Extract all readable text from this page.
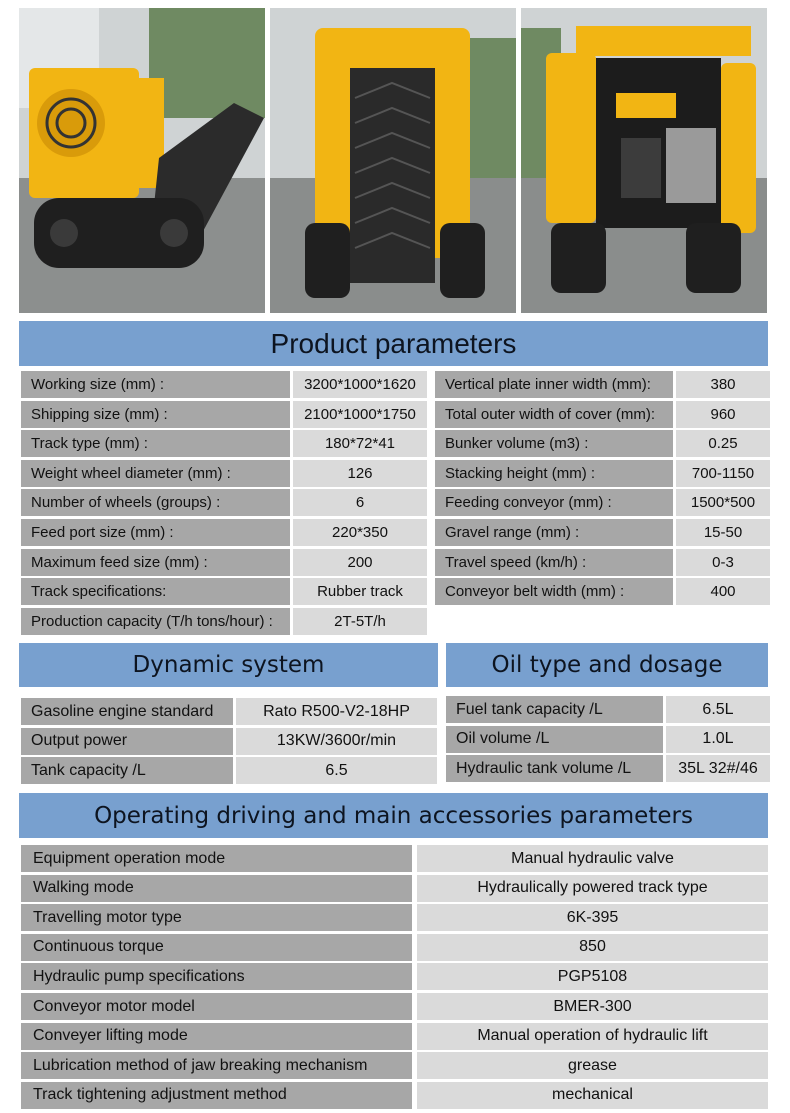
Product parameters
Working size (mm) :	3200*1000*1620
Shipping size (mm) :	2100*1000*1750
Track type (mm) :	180*72*41
Weight wheel diameter (mm) :	126
Number of wheels (groups) :	6
Feed port size (mm) :	220*350
Maximum feed size (mm) :	200
Track specifications:	Rubber track
Production capacity (T/h tons/hour) :	2T-5T/h
Vertical plate inner width (mm):	380
Total outer width of cover (mm):	960
Bunker volume (m3) :	0.25
Stacking height (mm) :	700-1150
Feeding conveyor (mm) :	1500*500
Gravel range (mm) :	15-50
Travel speed (km/h) :	0-3
Conveyor belt width (mm) :	400
Dynamic system
Gasoline engine standard	Rato R500-V2-18HP
Output power	13KW/3600r/min
Tank capacity /L	6.5
Oil type and dosage
Fuel tank capacity /L	6.5L
Oil volume /L	1.0L
Hydraulic tank volume /L	35L 32#/46
Operating driving and main accessories parameters
Equipment operation mode	Manual hydraulic valve
Walking mode	Hydraulically powered track type
Travelling motor type	6K-395
Continuous torque	850
Hydraulic pump specifications	PGP5108
Conveyor motor model	BMER-300
Conveyer lifting mode	Manual operation of hydraulic lift
Lubrication method of jaw breaking mechanism	grease
Track tightening adjustment method	mechanical
